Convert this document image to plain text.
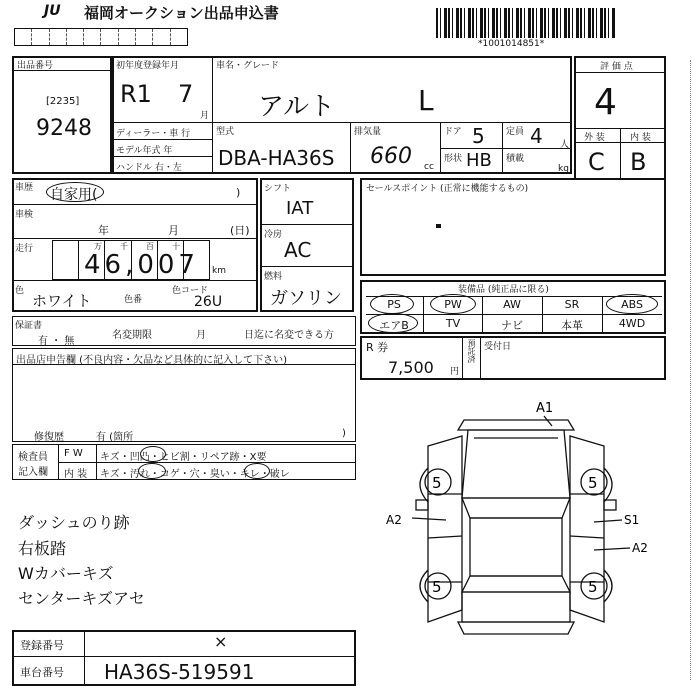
JU 福岡オークション出品申込書
*1001014851*
出品番号
[2235]
9248
初年度登録年月
R1 7
月
ディーラー・車 行
モデル年式 年
ハンドル 右・左
車名・グレード
アルト	L
型式
DBA-HA36S
排気量
660 cc
ドア 5 定員 4 人
形状 HB 積載
kg
評 価 点
4
外 装	内 装
C B
車歴 自家用(	)
車検
年	月	(日)
走行	万 千 百 十
46,007 km
色
ホワイト	色番
色コード
26U
保証書
有 ・ 無
名変期限	月	日迄に名変できる方
出品店申告欄 (不良内容・欠品など具体的に記入して下さい)
修復歴	有 (箇所	)
シフト
IAT
冷房
AC
燃料
ガソリン
セールスポイント (正常に機能するもの)
装備品 (純正品に限る)
PS	PW	AW	SR	ABS
エアB	TV	ナビ	本革	4WD
R 券
7,500 円
預託済 受付日
検査員
記入欄
F W キズ・凹凸・ヒビ割・リペア跡・X要
内 装 キズ・汚れ・コゲ・穴・臭い・キレ・破レ
ダッシュのり跡
右板踏
Wカバーキズ
センターキズアセ
登録番号	×
車台番号 HA36S-519591
A1
A2	S1
A2
5	5
5	5
